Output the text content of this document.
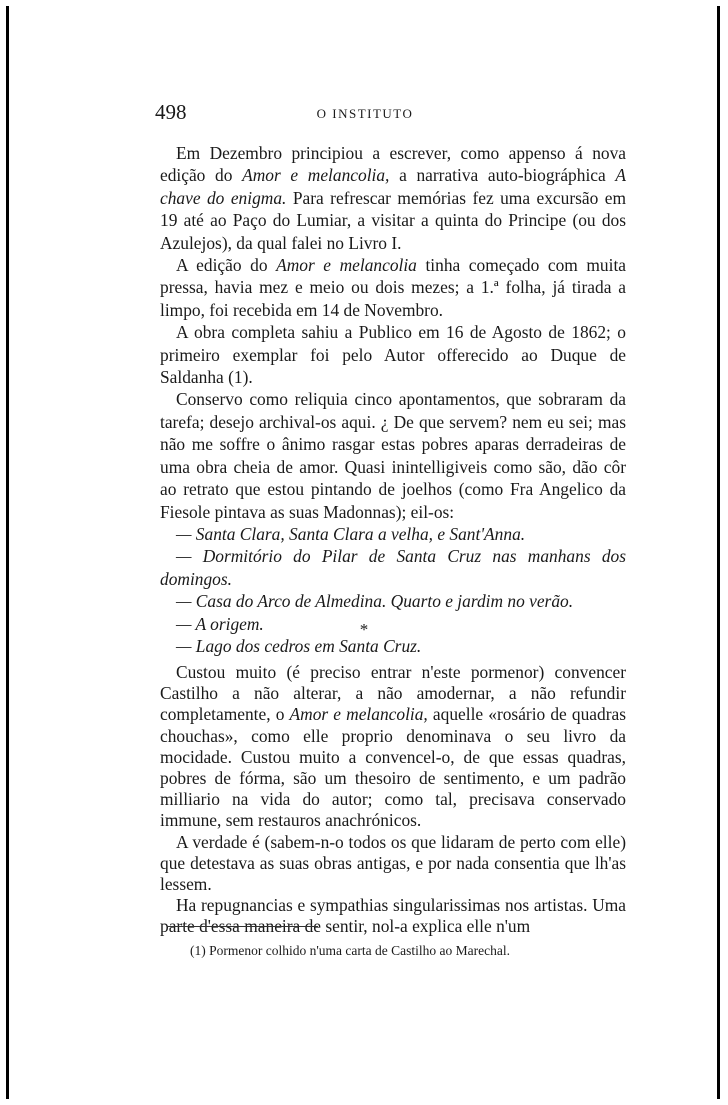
498	O INSTITUTO

Em Dezembro principiou a escrever, como appenso á nova edição do Amor e melancolia, a narrativa auto-biográphica A chave do enigma. Para refrescar memórias fez uma excursão em 19 até ao Paço do Lumiar, a visitar a quinta do Principe (ou dos Azulejos), da qual falei no Livro I.

A edição do Amor e melancolia tinha começado com muita pressa, havia mez e meio ou dois mezes; a 1.ª folha, já tirada a limpo, foi recebida em 14 de Novembro.

A obra completa sahiu a Publico em 16 de Agosto de 1862; o primeiro exemplar foi pelo Autor offerecido ao Duque de Saldanha (1).

Conservo como reliquia cinco apontamentos, que sobraram da tarefa; desejo archival-os aqui. ¿ De que servem? nem eu sei; mas não me soffre o ânimo rasgar estas pobres aparas derradeiras de uma obra cheia de amor. Quasi inintelligiveis como são, dão côr ao retrato que estou pintando de joelhos (como Fra Angelico da Fiesole pintava as suas Madonnas); eil-os:

— Santa Clara, Santa Clara a velha, e Sant'Anna.
— Dormitório do Pilar de Santa Cruz nas manhans dos domingos.
— Casa do Arco de Almedina. Quarto e jardim no verão.
— A origem.
— Lago dos cedros em Santa Cruz.
*

Custou muito (é preciso entrar n'este pormenor) convencer Castilho a não alterar, a não amodernar, a não refundir completamente, o Amor e melancolia, aquelle «rosário de quadras chouchas», como elle proprio denominava o seu livro da mocidade. Custou muito a convencel-o, de que essas quadras, pobres de fórma, são um thesoiro de sentimento, e um padrão milliario na vida do autor; como tal, precisava conservado immune, sem restauros anachrónicos.

A verdade é (sabem-n-o todos os que lidaram de perto com elle) que detestava as suas obras antigas, e por nada consentia que lh'as lessem.

Ha repugnancias e sympathias singularissimas nos artistas. Uma parte d'essa maneira de sentir, nol-a explica elle n'um

(1) Pormenor colhido n'uma carta de Castilho ao Marechal.
